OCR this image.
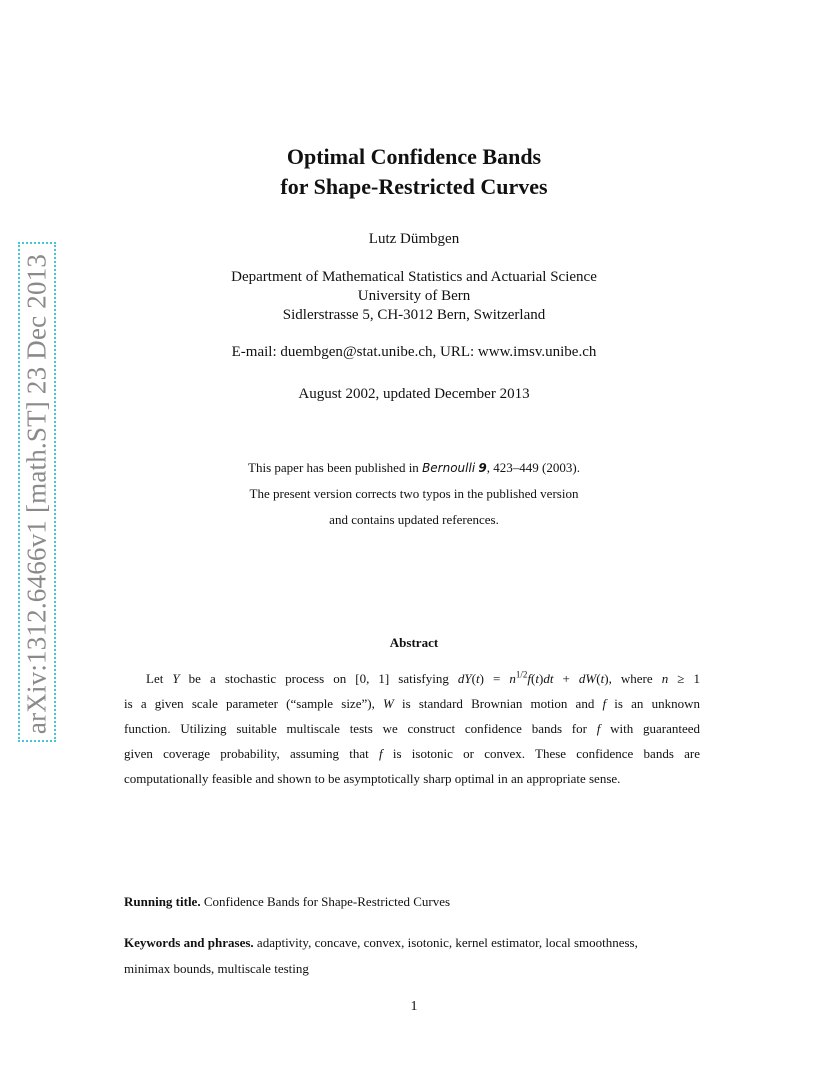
arXiv:1312.6466v1 [math.ST] 23 Dec 2013
Optimal Confidence Bands
for Shape-Restricted Curves
Lutz Dümbgen
Department of Mathematical Statistics and Actuarial Science
University of Bern
Sidlerstrasse 5, CH-3012 Bern, Switzerland
E-mail: duembgen@stat.unibe.ch, URL: www.imsv.unibe.ch
August 2002, updated December 2013
This paper has been published in Bernoulli 9, 423–449 (2003).
The present version corrects two typos in the published version
and contains updated references.
Abstract
Let Y be a stochastic process on [0, 1] satisfying $dY(t) = n^{1/2}f(t)dt + dW(t)$, where n ≥ 1
is a given scale parameter (“sample size”), W is standard Brownian motion and f is an unknown
function. Utilizing suitable multiscale tests we construct confidence bands for f with guaranteed
given coverage probability, assuming that f is isotonic or convex. These confidence bands are
computationally feasible and shown to be asymptotically sharp optimal in an appropriate sense.
Running title. Confidence Bands for Shape-Restricted Curves
Keywords and phrases. adaptivity, concave, convex, isotonic, kernel estimator, local smoothness,
minimax bounds, multiscale testing
1
